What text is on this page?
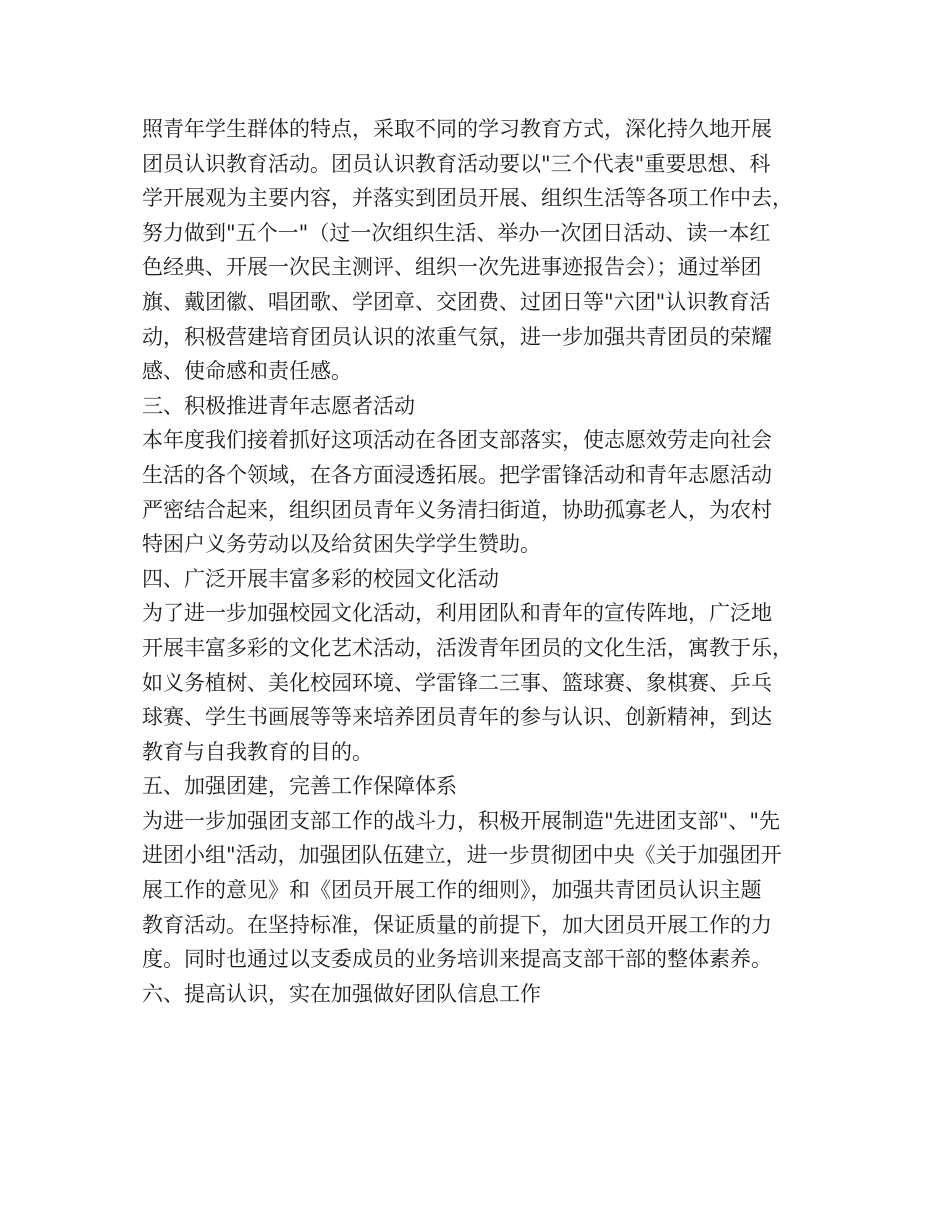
照青年学生群体的特点，采取不同的学习教育方式，深化持久地开展
团员认识教育活动。团员认识教育活动要以"三个代表"重要思想、科
学开展观为主要内容，并落实到团员开展、组织生活等各项工作中去，
努力做到"五个一"（过一次组织生活、举办一次团日活动、读一本红
色经典、开展一次民主测评、组织一次先进事迹报告会）；通过举团
旗、戴团徽、唱团歌、学团章、交团费、过团日等"六团"认识教育活
动，积极营建培育团员认识的浓重气氛，进一步加强共青团员的荣耀
感、使命感和责任感。
三、积极推进青年志愿者活动
本年度我们接着抓好这项活动在各团支部落实，使志愿效劳走向社会
生活的各个领域，在各方面浸透拓展。把学雷锋活动和青年志愿活动
严密结合起来，组织团员青年义务清扫街道，协助孤寡老人，为农村
特困户义务劳动以及给贫困失学学生赞助。
四、广泛开展丰富多彩的校园文化活动
为了进一步加强校园文化活动，利用团队和青年的宣传阵地，广泛地
开展丰富多彩的文化艺术活动，活泼青年团员的文化生活，寓教于乐，
如义务植树、美化校园环境、学雷锋二三事、篮球赛、象棋赛、乒乓
球赛、学生书画展等等来培养团员青年的参与认识、创新精神，到达
教育与自我教育的目的。
五、加强团建，完善工作保障体系
为进一步加强团支部工作的战斗力，积极开展制造"先进团支部"、"先
进团小组"活动，加强团队伍建立，进一步贯彻团中央《关于加强团开
展工作的意见》和《团员开展工作的细则》，加强共青团员认识主题
教育活动。在坚持标准，保证质量的前提下，加大团员开展工作的力
度。同时也通过以支委成员的业务培训来提高支部干部的整体素养。
六、提高认识，实在加强做好团队信息工作
